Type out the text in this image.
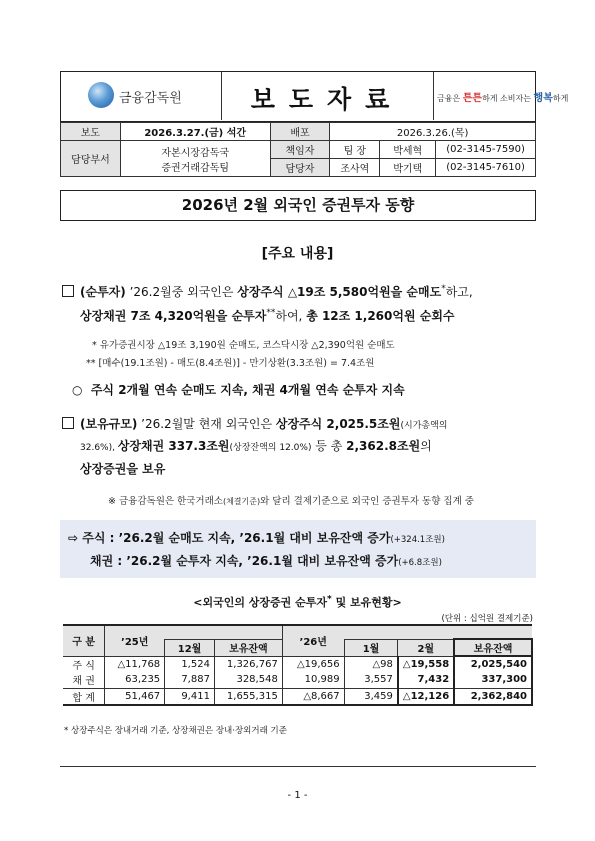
금융감독원	보도자료	금융은 튼튼하게 소비자는 행복하게
보도	2026.3.27.(금) 석간	배포	2026.3.26.(목)		
담당부서	자본시장감독국
증권거래감독팀	책임자	팀 장	박세혁	(02-3145-7590)
		담당자	조사역	박기택	(02-3145-7610)
2026년 2월 외국인 증권투자 동향
[주요 내용]
(순투자) ’26.2월중 외국인은 상장주식 △19조 5,580억원을 순매도*하고,
상장채권 7조 4,320억원을 순투자**하여, 총 12조 1,260억원 순회수
* 유가증권시장 △19조 3,190원 순매도, 코스닥시장 △2,390억원 순매도
** [매수(19.1조원) - 매도(8.4조원)] - 만기상환(3.3조원) = 7.4조원
○ 주식 2개월 연속 순매도 지속, 채권 4개월 연속 순투자 지속
(보유규모) ’26.2월말 현재 외국인은 상장주식 2,025.5조원(시가총액의
32.6%), 상장채권 337.3조원(상장잔액의 12.0%) 등 총 2,362.8조원의
상장증권을 보유
※ 금융감독원은 한국거래소(체결기준)와 달리 결제기준으로 외국인 증권투자 동향 집계 중
⇨ 주식 : ’26.2월 순매도 지속, ’26.1월 대비 보유잔액 증가(+324.1조원)
채권 : ’26.2월 순투자 지속, ’26.1월 대비 보유잔액 증가(+6.8조원)
<외국인의 상장증권 순투자* 및 보유현황>
(단위 : 십억원 결제기준)
구 분	’25년			’26년			
		12월	보유잔액		1월	2월	보유잔액
주 식	△11,768	1,524	1,326,767	△19,656	△98	△19,558	2,025,540
채 권	63,235	7,887	328,548	10,989	3,557	7,432	337,300
합 계	51,467	9,411	1,655,315	△8,667	3,459	△12,126	2,362,840
* 상장주식은 장내거래 기준, 상장채권은 장내·장외거래 기준
- 1 -
